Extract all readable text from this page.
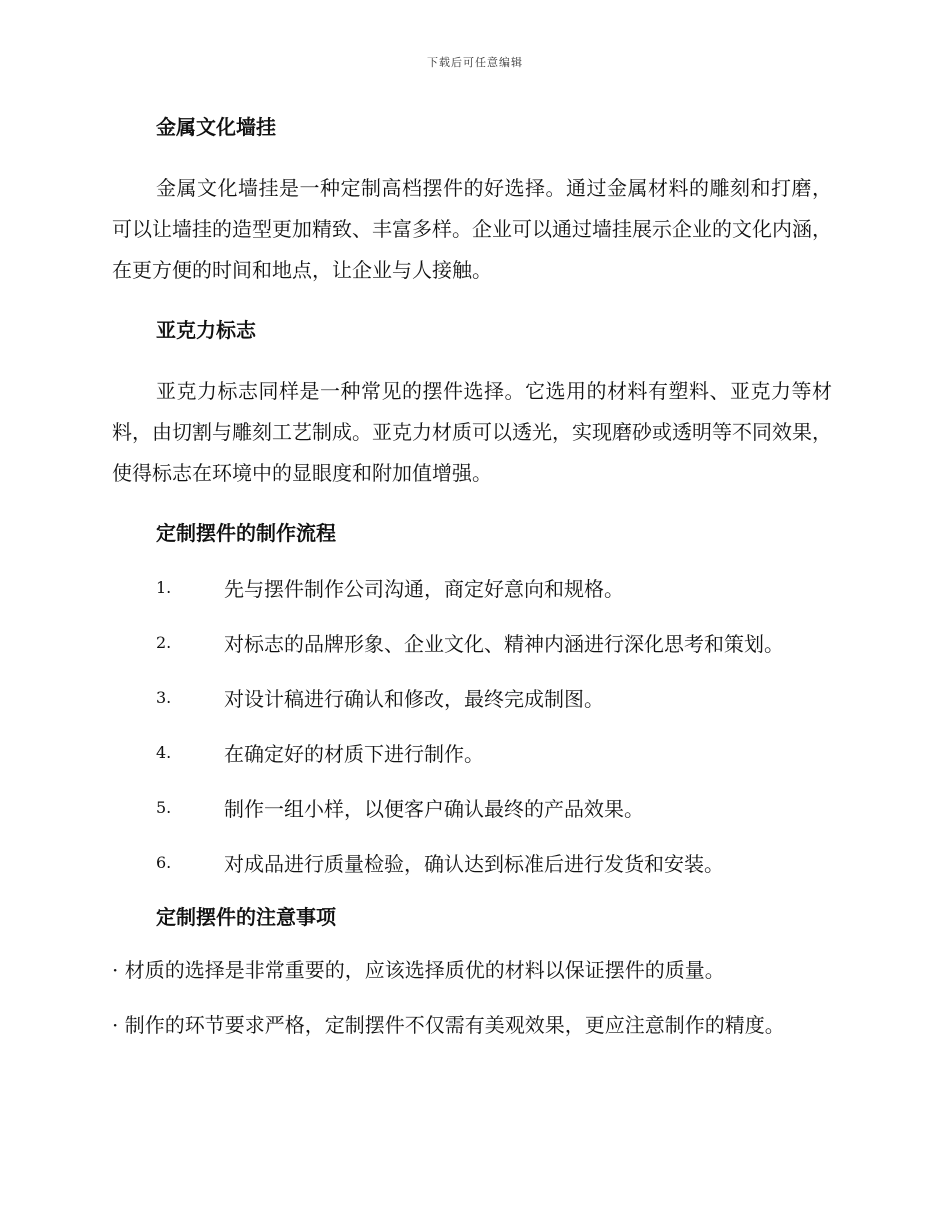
下载后可任意编辑
金属文化墙挂

金属文化墙挂是一种定制高档摆件的好选择。通过金属材料的雕刻和打磨，可以让墙挂的造型更加精致、丰富多样。企业可以通过墙挂展示企业的文化内涵，在更方便的时间和地点，让企业与人接触。

亚克力标志

亚克力标志同样是一种常见的摆件选择。它选用的材料有塑料、亚克力等材料，由切割与雕刻工艺制成。亚克力材质可以透光，实现磨砂或透明等不同效果，使得标志在环境中的显眼度和附加值增强。

定制摆件的制作流程
1.	先与摆件制作公司沟通，商定好意向和规格。
2.	对标志的品牌形象、企业文化、精神内涵进行深化思考和策划。
3.	对设计稿进行确认和修改，最终完成制图。
4.	在确定好的材质下进行制作。
5.	制作一组小样，以便客户确认最终的产品效果。
6.	对成品进行质量检验，确认达到标准后进行发货和安装。
定制摆件的注意事项

· 材质的选择是非常重要的，应该选择质优的材料以保证摆件的质量。

· 制作的环节要求严格，定制摆件不仅需有美观效果，更应注意制作的精度。
